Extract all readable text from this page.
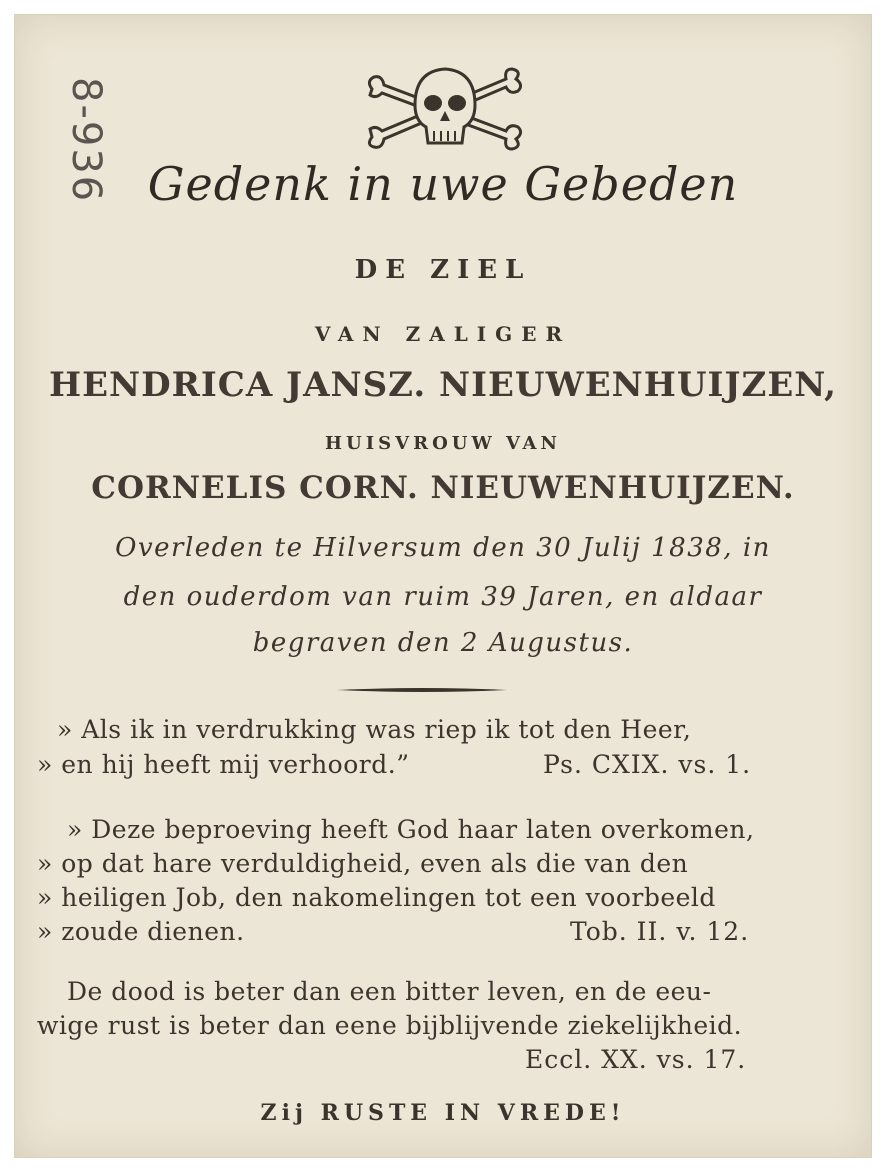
8-936 Gedenk in uwe Gebeden
DE ZIEL
VAN ZALIGER
HENDRICA JANSZ. NIEUWENHUIJZEN,
HUISVROUW VAN
CORNELIS CORN. NIEUWENHUIJZEN.
Overleden te Hilversum den 30 Julij 1838, in
den ouderdom van ruim 39 Jaren, en aldaar
begraven den 2 Augustus.
» Als ik in verdrukking was riep ik tot den Heer,
» en hij heeft mij verhoord.”	Ps. CXIX. vs. 1.
» Deze beproeving heeft God haar laten overkomen,
» op dat hare verduldigheid, even als die van den
» heiligen Job, den nakomelingen tot een voorbeeld
» zoude dienen.	Tob. II. v. 12.
De dood is beter dan een bitter leven, en de eeu-
wige rust is beter dan eene bijblijvende ziekelijkheid.
Eccl. XX. vs. 17.
Zij RUSTE IN VREDE!
